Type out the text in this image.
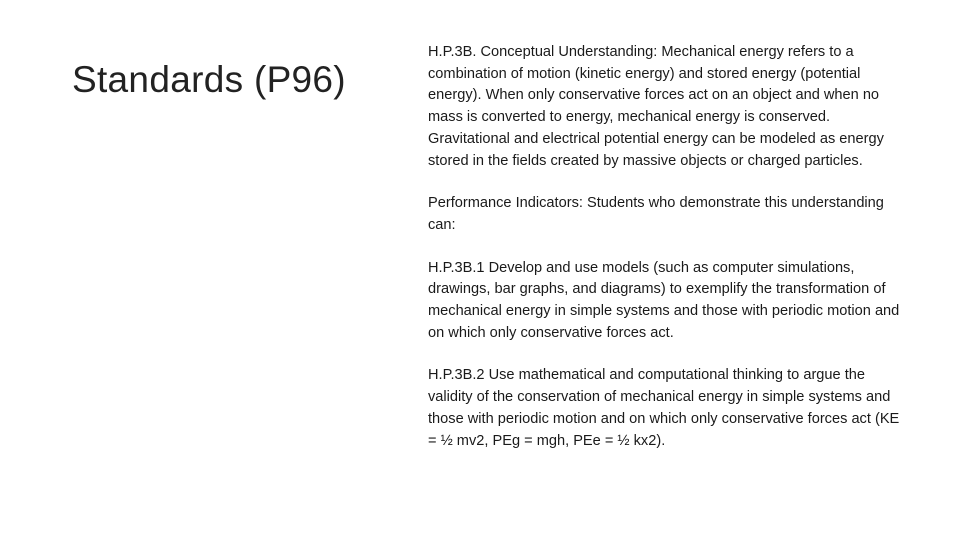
Standards (P96)

H.P.3B. Conceptual Understanding: Mechanical energy refers to a combination of motion (kinetic energy) and stored energy (potential energy). When only conservative forces act on an object and when no mass is converted to energy, mechanical energy is conserved. Gravitational and electrical potential energy can be modeled as energy stored in the fields created by massive objects or charged particles.

Performance Indicators: Students who demonstrate this understanding can:

H.P.3B.1 Develop and use models (such as computer simulations, drawings, bar graphs, and diagrams) to exemplify the transformation of mechanical energy in simple systems and those with periodic motion and on which only conservative forces act.

H.P.3B.2 Use mathematical and computational thinking to argue the validity of the conservation of mechanical energy in simple systems and those with periodic motion and on which only conservative forces act (KE = ½ mv2, PEg = mgh, PEe = ½ kx2).
